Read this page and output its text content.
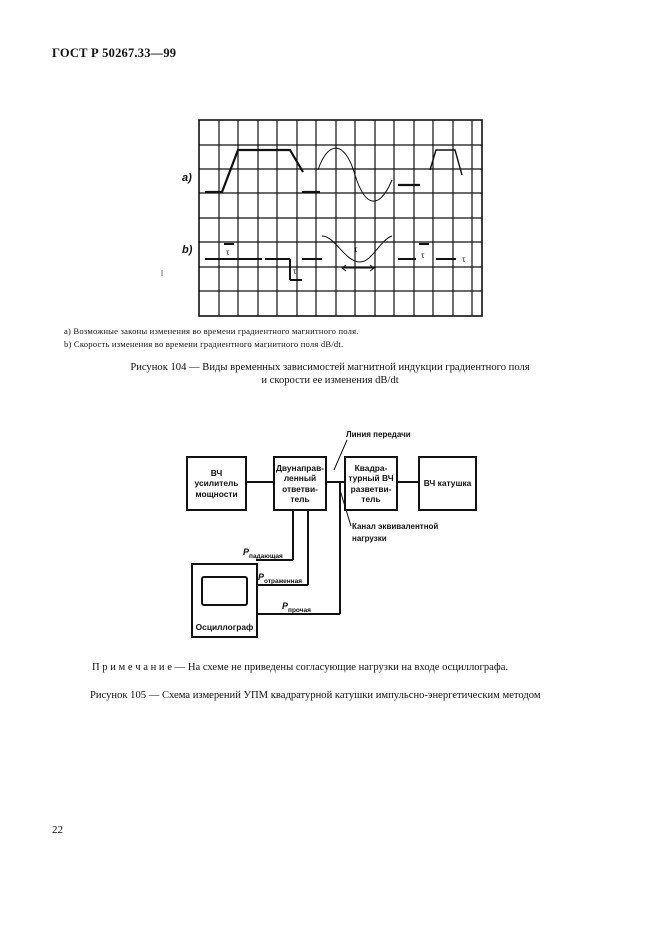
ГОСТ Р 50267.33—99
a)
b)	τ
τ
τ
τ	τ
а) Возможные законы изменения во времени градиентного магнитного поля.
b) Скорость изменения во времени градиентного магнитного поля dB/dt.
Рисунок 104 — Виды временных зависимостей магнитной индукции градиентного поля
и скорости ее изменения dB/dt
ВЧ усилитель мощности
Двунаправ-ленный ответви-тель
Квадра-турный ВЧ разветви-тель
ВЧ катушка
Осциллограф
Линия передачи
Канал эквивалентной
нагрузки
$P_{падающая}$
$P_{отраженная}$
$P_{прочая}$
П р и м е ч а н и е — На схеме не приведены согласующие нагрузки на входе осциллографа.
Рисунок 105 — Схема измерений УПМ квадратурной катушки импульсно-энергетическим методом
22
